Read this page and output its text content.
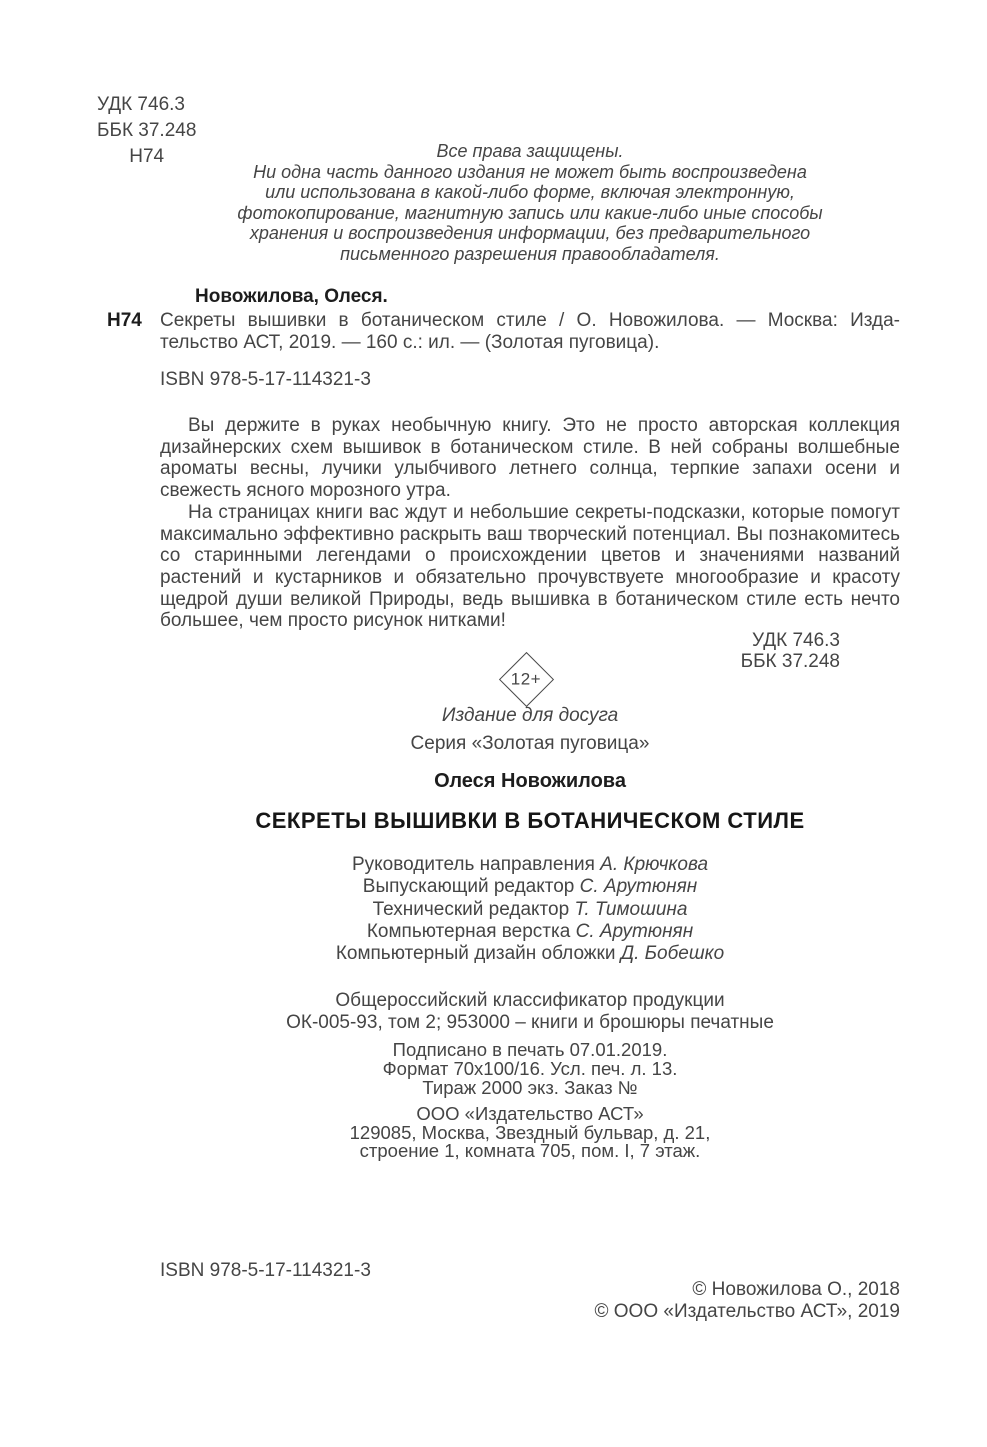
УДК 746.3
ББК 37.248
Н74	Все права защищены.
Ни одна часть данного издания не может быть воспроизведена
или использована в какой-либо форме, включая электронную,
фотокопирование, магнитную запись или какие-либо иные способы
хранения и воспроизведения информации, без предварительного
письменного разрешения правообладателя.
Новожилова, Олеся.
Н74 Секреты вышивки в ботаническом стиле / О. Новожилова. — Москва: Изда-
тельство АСТ, 2019. — 160 с.: ил. — (Золотая пуговица).
ISBN 978-5-17-114321-3

Вы держите в руках необычную книгу. Это не просто авторская коллекция дизайнерских схем вышивок в ботаническом стиле. В ней собраны волшебные ароматы весны, лучики улыбчивого летнего солнца, терпкие запахи осени и свежесть ясного морозного утра.

На страницах книги вас ждут и небольшие секреты-подсказки, которые помогут максимально эффективно раскрыть ваш творческий потенциал. Вы познакомитесь со старинными легендами о происхождении цветов и значениями названий растений и кустарников и обязательно прочувствуете многообразие и красоту щедрой души великой Природы, ведь вышивка в ботаническом стиле есть нечто большее, чем просто рисунок нитками!

УДК 746.3
ББК 37.248
12+
Издание для досуга
Серия «Золотая пуговица»
Олеся Новожилова
СЕКРЕТЫ ВЫШИВКИ В БОТАНИЧЕСКОМ СТИЛЕ
Руководитель направления А. Крючкова
Выпускающий редактор С. Арутюнян
Технический редактор Т. Тимошина
Компьютерная верстка С. Арутюнян
Компьютерный дизайн обложки Д. Бобешко
Общероссийский классификатор продукции
ОК-005-93, том 2; 953000 – книги и брошюры печатные
Подписано в печать 07.01.2019.
Формат 70х100/16. Усл. печ. л. 13.
Тираж 2000 экз. Заказ №
ООО «Издательство АСТ»
129085, Москва, Звездный бульвар, д. 21,
строение 1, комната 705, пом. I, 7 этаж.
ISBN 978-5-17-114321-3
© Новожилова О., 2018
© ООО «Издательство АСТ», 2019
